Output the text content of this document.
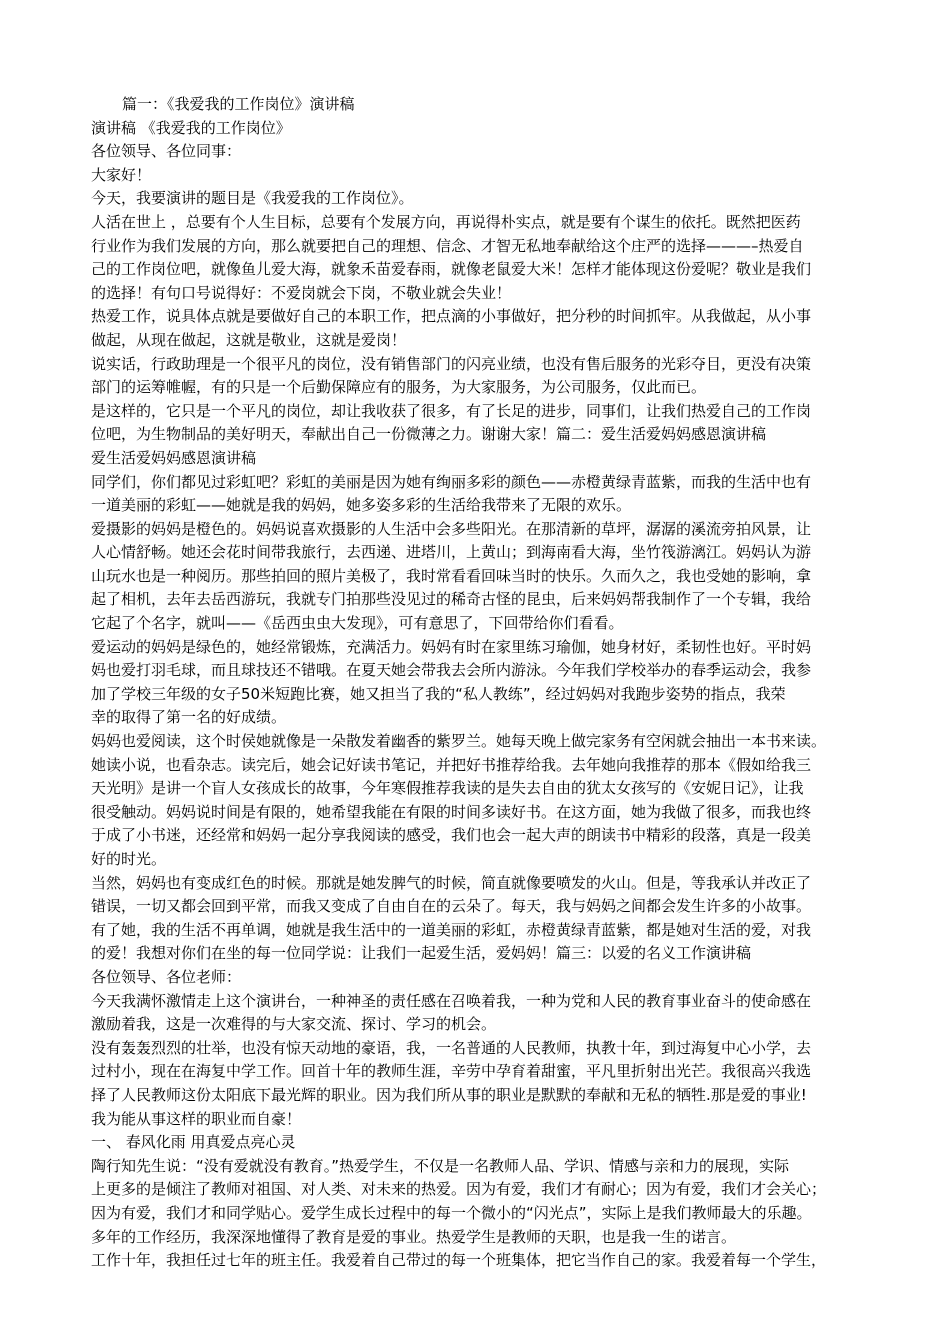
篇一：《我爱我的工作岗位》演讲稿
演讲稿 《我爱我的工作岗位》
各位领导、各位同事：
大家好！
今天，我要演讲的题目是《我爱我的工作岗位》。
人活在世上 ，总要有个人生目标，总要有个发展方向，再说得朴实点，就是要有个谋生的依托。既然把医药
行业作为我们发展的方向，那么就要把自己的理想、信念、才智无私地奉献给这个庄严的选择———–热爱自
己的工作岗位吧，就像鱼儿爱大海，就象禾苗爱春雨，就像老鼠爱大米！怎样才能体现这份爱呢？敬业是我们
的选择！有句口号说得好：不爱岗就会下岗，不敬业就会失业！
热爱工作，说具体点就是要做好自己的本职工作，把点滴的小事做好，把分秒的时间抓牢。从我做起，从小事
做起，从现在做起，这就是敬业，这就是爱岗！
说实话，行政助理是一个很平凡的岗位，没有销售部门的闪亮业绩，也没有售后服务的光彩夺目，更没有决策
部门的运筹帷幄，有的只是一个后勤保障应有的服务，为大家服务，为公司服务，仅此而已。
是这样的，它只是一个平凡的岗位，却让我收获了很多，有了长足的进步，同事们，让我们热爱自己的工作岗
位吧，为生物制品的美好明天，奉献出自己一份微薄之力。谢谢大家！篇二：爱生活爱妈妈感恩演讲稿
爱生活爱妈妈感恩演讲稿
同学们，你们都见过彩虹吧？彩虹的美丽是因为她有绚丽多彩的颜色——赤橙黄绿青蓝紫，而我的生活中也有
一道美丽的彩虹——她就是我的妈妈，她多姿多彩的生活给我带来了无限的欢乐。
爱摄影的妈妈是橙色的。妈妈说喜欢摄影的人生活中会多些阳光。在那清新的草坪，潺潺的溪流旁拍风景，让
人心情舒畅。她还会花时间带我旅行，去西递、进塔川，上黄山；到海南看大海，坐竹筏游漓江。妈妈认为游
山玩水也是一种阅历。那些拍回的照片美极了，我时常看看回味当时的快乐。久而久之，我也受她的影响，拿
起了相机，去年去岳西游玩，我就专门拍那些没见过的稀奇古怪的昆虫，后来妈妈帮我制作了一个专辑，我给
它起了个名字，就叫——《岳西虫虫大发现》，可有意思了，下回带给你们看看。
爱运动的妈妈是绿色的，她经常锻炼，充满活力。妈妈有时在家里练习瑜伽，她身材好，柔韧性也好。平时妈
妈也爱打羽毛球，而且球技还不错哦。在夏天她会带我去会所内游泳。今年我们学校举办的春季运动会，我参
加了学校三年级的女子50米短跑比赛，她又担当了我的“私人教练”，经过妈妈对我跑步姿势的指点，我荣
幸的取得了第一名的好成绩。
妈妈也爱阅读，这个时侯她就像是一朵散发着幽香的紫罗兰。她每天晚上做完家务有空闲就会抽出一本书来读。
她读小说，也看杂志。读完后，她会记好读书笔记，并把好书推荐给我。去年她向我推荐的那本《假如给我三
天光明》是讲一个盲人女孩成长的故事，今年寒假推荐我读的是失去自由的犹太女孩写的《安妮日记》，让我
很受触动。妈妈说时间是有限的，她希望我能在有限的时间多读好书。在这方面，她为我做了很多，而我也终
于成了小书迷，还经常和妈妈一起分享我阅读的感受，我们也会一起大声的朗读书中精彩的段落，真是一段美
好的时光。
当然，妈妈也有变成红色的时候。那就是她发脾气的时候，简直就像要喷发的火山。但是，等我承认并改正了
错误，一切又都会回到平常，而我又变成了自由自在的云朵了。每天，我与妈妈之间都会发生许多的小故事。
有了她，我的生活不再单调，她就是我生活中的一道美丽的彩虹，赤橙黄绿青蓝紫，都是她对生活的爱，对我
的爱！我想对你们在坐的每一位同学说：让我们一起爱生活，爱妈妈！篇三：以爱的名义工作演讲稿
各位领导、各位老师：
今天我满怀激情走上这个演讲台，一种神圣的责任感在召唤着我，一种为党和人民的教育事业奋斗的使命感在
激励着我，这是一次难得的与大家交流、探讨、学习的机会。
没有轰轰烈烈的壮举，也没有惊天动地的豪语，我，一名普通的人民教师，执教十年，到过海复中心小学，去
过村小，现在在海复中学工作。回首十年的教师生涯，辛劳中孕育着甜蜜，平凡里折射出光芒。我很高兴我选
择了人民教师这份太阳底下最光辉的职业。因为我们所从事的职业是默默的奉献和无私的牺牲.那是爱的事业!
我为能从事这样的职业而自豪！
一、 春风化雨 用真爱点亮心灵
陶行知先生说：“没有爱就没有教育。”热爱学生，不仅是一名教师人品、学识、情感与亲和力的展现，实际
上更多的是倾注了教师对祖国、对人类、对未来的热爱。因为有爱，我们才有耐心；因为有爱，我们才会关心；
因为有爱，我们才和同学贴心。爱学生成长过程中的每一个微小的“闪光点”，实际上是我们教师最大的乐趣。
多年的工作经历，我深深地懂得了教育是爱的事业。热爱学生是教师的天职，也是我一生的诺言。
工作十年，我担任过七年的班主任。我爱着自己带过的每一个班集体，把它当作自己的家。我爱着每一个学生，
